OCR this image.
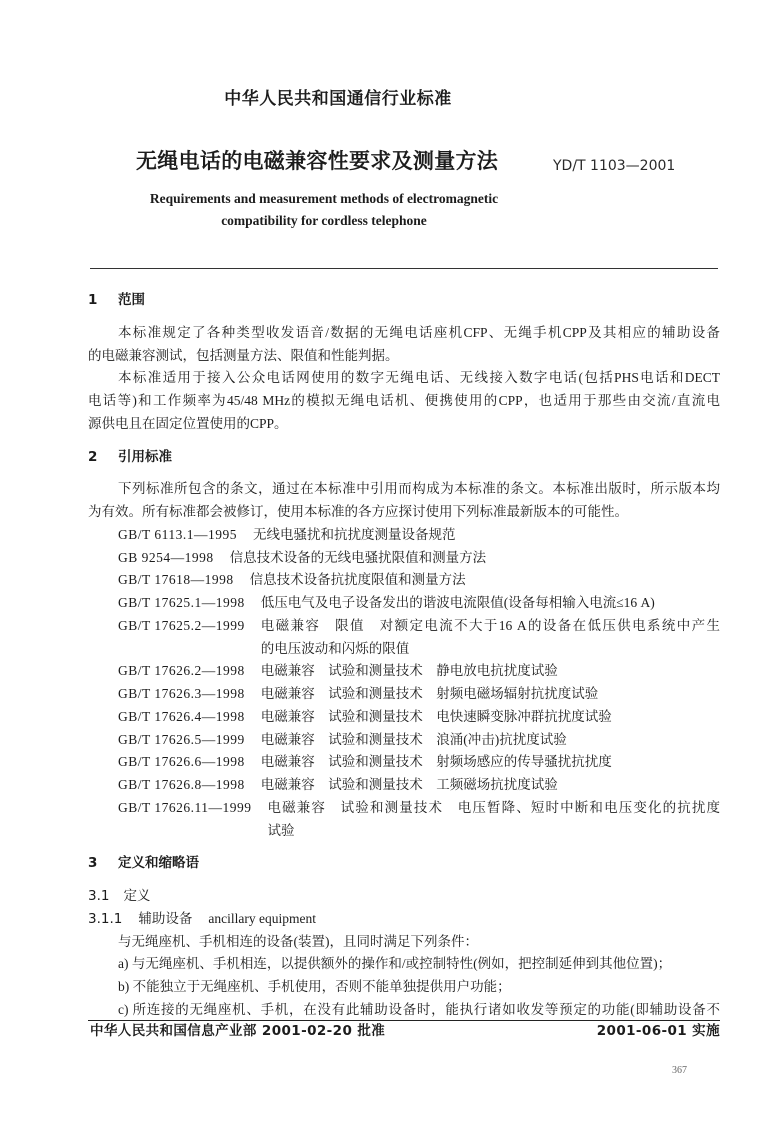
中华人民共和国通信行业标准
无绳电话的电磁兼容性要求及测量方法	YD/T 1103—2001
Requirements and measurement methods of electromagnetic
compatibility for cordless telephone
1 范围
本标准规定了各种类型收发语音/数据的无绳电话座机CFP、无绳手机CPP及其相应的辅助设备
的电磁兼容测试，包括测量方法、限值和性能判据。
本标准适用于接入公众电话网使用的数字无绳电话、无线接入数字电话(包括PHS电话和DECT
电话等)和工作频率为45/48 MHz的模拟无绳电话机、便携使用的CPP，也适用于那些由交流/直流电
源供电且在固定位置使用的CPP。
2 引用标准
下列标准所包含的条文，通过在本标准中引用而构成为本标准的条文。本标准出版时，所示版本均
为有效。所有标准都会被修订，使用本标准的各方应探讨使用下列标准最新版本的可能性。
GB/T 6113.1—1995 无线电骚扰和抗扰度测量设备规范
GB 9254—1998 信息技术设备的无线电骚扰限值和测量方法
GB/T 17618—1998 信息技术设备抗扰度限值和测量方法
GB/T 17625.1—1998 低压电气及电子设备发出的谐波电流限值(设备每相输入电流≤16 A)
GB/T 17625.2—1999 电磁兼容　限值　对额定电流不大于16 A的设备在低压供电系统中产生
的电压波动和闪烁的限值
GB/T 17626.2—1998 电磁兼容　试验和测量技术　静电放电抗扰度试验
GB/T 17626.3—1998 电磁兼容　试验和测量技术　射频电磁场辐射抗扰度试验
GB/T 17626.4—1998 电磁兼容　试验和测量技术　电快速瞬变脉冲群抗扰度试验
GB/T 17626.5—1999 电磁兼容　试验和测量技术　浪涌(冲击)抗扰度试验
GB/T 17626.6—1998 电磁兼容　试验和测量技术　射频场感应的传导骚扰抗扰度
GB/T 17626.8—1998 电磁兼容　试验和测量技术　工频磁场抗扰度试验
GB/T 17626.11—1999 电磁兼容　试验和测量技术　电压暂降、短时中断和电压变化的抗扰度
试验
3 定义和缩略语
3.1 定义
3.1.1 辅助设备 ancillary equipment
与无绳座机、手机相连的设备(装置)，且同时满足下列条件：
a) 与无绳座机、手机相连，以提供额外的操作和/或控制特性(例如，把控制延伸到其他位置)；
b) 不能独立于无绳座机、手机使用，否则不能单独提供用户功能；
c) 所连接的无绳座机、手机，在没有此辅助设备时，能执行诸如收发等预定的功能(即辅助设备不
中华人民共和国信息产业部 2001-02-20 批准	2001-06-01 实施
367
